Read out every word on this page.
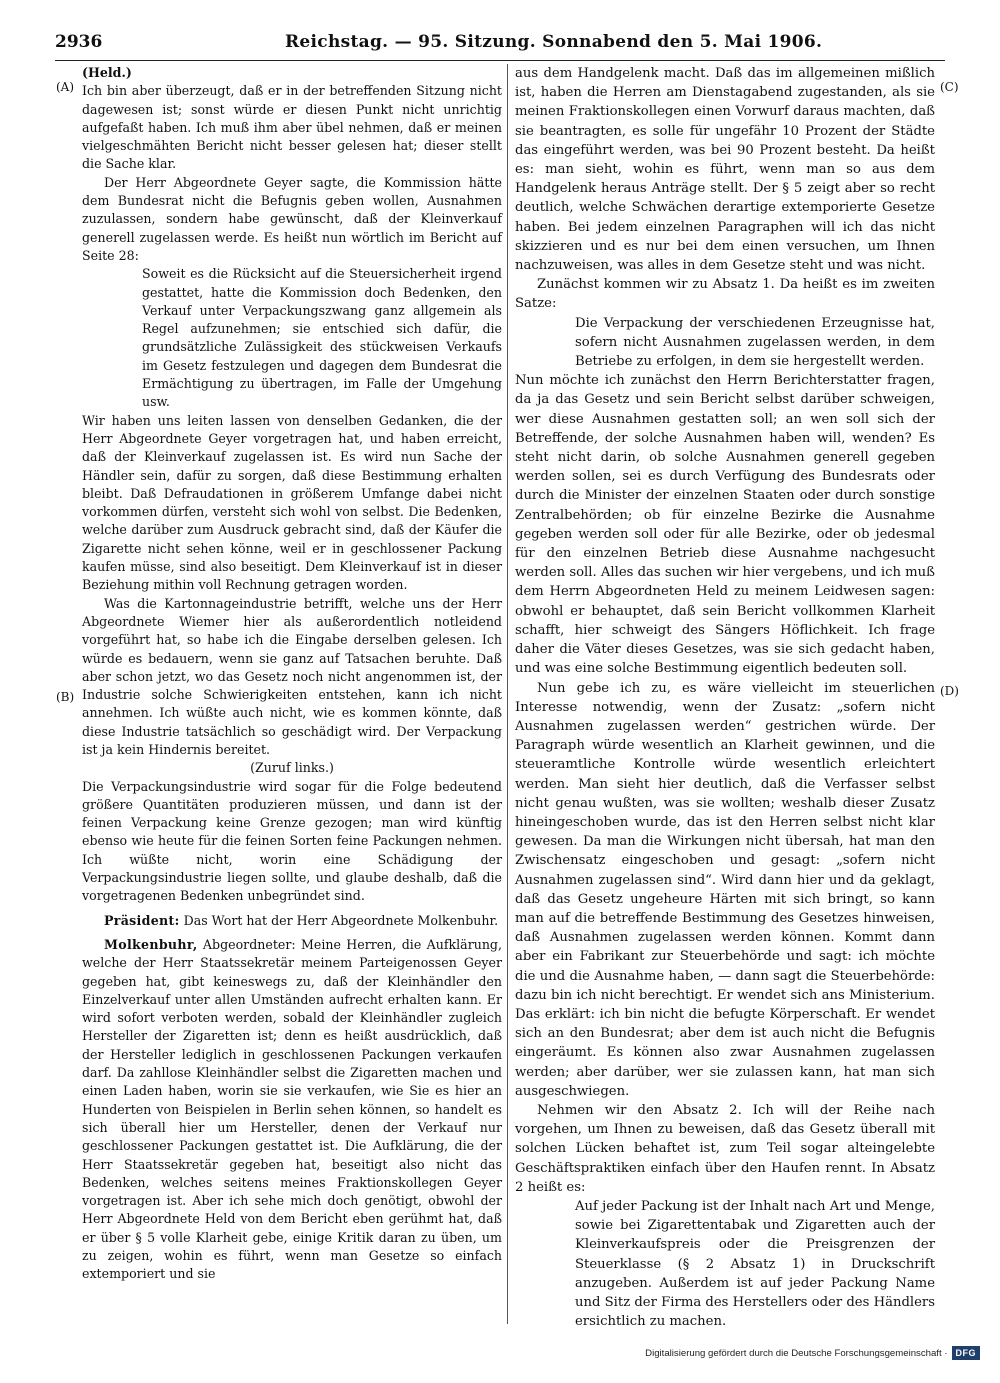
2936	Reichstag. — 95. Sitzung. Sonnabend den 5. Mai 1906.
(A)
(B)
(C)
(D)

(Held.)

Ich bin aber überzeugt, daß er in der betreffenden Sitzung nicht dagewesen ist; sonst würde er diesen Punkt nicht unrichtig aufgefaßt haben. Ich muß ihm aber übel nehmen, daß er meinen vielgeschmähten Bericht nicht besser gelesen hat; dieser stellt die Sache klar.

Der Herr Abgeordnete Geyer sagte, die Kommission hätte dem Bundesrat nicht die Befugnis geben wollen, Ausnahmen zuzulassen, sondern habe gewünscht, daß der Kleinverkauf generell zugelassen werde. Es heißt nun wörtlich im Bericht auf Seite 28:

Soweit es die Rücksicht auf die Steuersicherheit irgend gestattet, hatte die Kommission doch Bedenken, den Verkauf unter Verpackungszwang ganz allgemein als Regel aufzunehmen; sie entschied sich dafür, die grundsätzliche Zulässigkeit des stückweisen Verkaufs im Gesetz festzulegen und dagegen dem Bundesrat die Ermächtigung zu übertragen, im Falle der Umgehung usw.

Wir haben uns leiten lassen von denselben Gedanken, die der Herr Abgeordnete Geyer vorgetragen hat, und haben erreicht, daß der Kleinverkauf zugelassen ist. Es wird nun Sache der Händler sein, dafür zu sorgen, daß diese Bestimmung erhalten bleibt. Daß Defraudationen in größerem Umfange dabei nicht vorkommen dürfen, versteht sich wohl von selbst. Die Bedenken, welche darüber zum Ausdruck gebracht sind, daß der Käufer die Zigarette nicht sehen könne, weil er in geschlossener Packung kaufen müsse, sind also beseitigt. Dem Kleinverkauf ist in dieser Beziehung mithin voll Rechnung getragen worden.

Was die Kartonnageindustrie betrifft, welche uns der Herr Abgeordnete Wiemer hier als außerordentlich notleidend vorgeführt hat, so habe ich die Eingabe derselben gelesen. Ich würde es bedauern, wenn sie ganz auf Tatsachen beruhte. Daß aber schon jetzt, wo das Gesetz noch nicht angenommen ist, der Industrie solche Schwierigkeiten entstehen, kann ich nicht annehmen. Ich wüßte auch nicht, wie es kommen könnte, daß diese Industrie tatsächlich so geschädigt wird. Der Verpackung ist ja kein Hindernis bereitet.

(Zuruf links.)

Die Verpackungsindustrie wird sogar für die Folge bedeutend größere Quantitäten produzieren müssen, und dann ist der feinen Verpackung keine Grenze gezogen; man wird künftig ebenso wie heute für die feinen Sorten feine Packungen nehmen. Ich wüßte nicht, worin eine Schädigung der Verpackungsindustrie liegen sollte, und glaube deshalb, daß die vorgetragenen Bedenken unbegründet sind.

Präsident: Das Wort hat der Herr Abgeordnete Molkenbuhr.

Molkenbuhr, Abgeordneter: Meine Herren, die Aufklärung, welche der Herr Staatssekretär meinem Parteigenossen Geyer gegeben hat, gibt keineswegs zu, daß der Kleinhändler den Einzelverkauf unter allen Umständen aufrecht erhalten kann. Er wird sofort verboten werden, sobald der Kleinhändler zugleich Hersteller der Zigaretten ist; denn es heißt ausdrücklich, daß der Hersteller lediglich in geschlossenen Packungen verkaufen darf. Da zahllose Kleinhändler selbst die Zigaretten machen und einen Laden haben, worin sie sie verkaufen, wie Sie es hier an Hunderten von Beispielen in Berlin sehen können, so handelt es sich überall hier um Hersteller, denen der Verkauf nur geschlossener Packungen gestattet ist. Die Aufklärung, die der Herr Staatssekretär gegeben hat, beseitigt also nicht das Bedenken, welches seitens meines Fraktionskollegen Geyer vorgetragen ist. Aber ich sehe mich doch genötigt, obwohl der Herr Abgeordnete Held von dem Bericht eben gerühmt hat, daß er über § 5 volle Klarheit gebe, einige Kritik daran zu üben, um zu zeigen, wohin es führt, wenn man Gesetze so einfach extemporiert und sie

aus dem Handgelenk macht. Daß das im allgemeinen mißlich ist, haben die Herren am Dienstagabend zugestanden, als sie meinen Fraktionskollegen einen Vorwurf daraus machten, daß sie beantragten, es solle für ungefähr 10 Prozent der Städte das eingeführt werden, was bei 90 Prozent besteht. Da heißt es: man sieht, wohin es führt, wenn man so aus dem Handgelenk heraus Anträge stellt. Der § 5 zeigt aber so recht deutlich, welche Schwächen derartige extemporierte Gesetze haben. Bei jedem einzelnen Paragraphen will ich das nicht skizzieren und es nur bei dem einen versuchen, um Ihnen nachzuweisen, was alles in dem Gesetze steht und was nicht.

Zunächst kommen wir zu Absatz 1. Da heißt es im zweiten Satze:

Die Verpackung der verschiedenen Erzeugnisse hat, sofern nicht Ausnahmen zugelassen werden, in dem Betriebe zu erfolgen, in dem sie hergestellt werden.

Nun möchte ich zunächst den Herrn Berichterstatter fragen, da ja das Gesetz und sein Bericht selbst darüber schweigen, wer diese Ausnahmen gestatten soll; an wen soll sich der Betreffende, der solche Ausnahmen haben will, wenden? Es steht nicht darin, ob solche Ausnahmen generell gegeben werden sollen, sei es durch Verfügung des Bundesrats oder durch die Minister der einzelnen Staaten oder durch sonstige Zentralbehörden; ob für einzelne Bezirke die Ausnahme gegeben werden soll oder für alle Bezirke, oder ob jedesmal für den einzelnen Betrieb diese Ausnahme nachgesucht werden soll. Alles das suchen wir hier vergebens, und ich muß dem Herrn Abgeordneten Held zu meinem Leidwesen sagen: obwohl er behauptet, daß sein Bericht vollkommen Klarheit schafft, hier schweigt des Sängers Höflichkeit. Ich frage daher die Väter dieses Gesetzes, was sie sich gedacht haben, und was eine solche Bestimmung eigentlich bedeuten soll.

Nun gebe ich zu, es wäre vielleicht im steuerlichen Interesse notwendig, wenn der Zusatz: „sofern nicht Ausnahmen zugelassen werden“ gestrichen würde. Der Paragraph würde wesentlich an Klarheit gewinnen, und die steueramtliche Kontrolle würde wesentlich erleichtert werden. Man sieht hier deutlich, daß die Verfasser selbst nicht genau wußten, was sie wollten; weshalb dieser Zusatz hineingeschoben wurde, das ist den Herren selbst nicht klar gewesen. Da man die Wirkungen nicht übersah, hat man den Zwischensatz eingeschoben und gesagt: „sofern nicht Ausnahmen zugelassen sind“. Wird dann hier und da geklagt, daß das Gesetz ungeheure Härten mit sich bringt, so kann man auf die betreffende Bestimmung des Gesetzes hinweisen, daß Ausnahmen zugelassen werden können. Kommt dann aber ein Fabrikant zur Steuerbehörde und sagt: ich möchte die und die Ausnahme haben, — dann sagt die Steuerbehörde: dazu bin ich nicht berechtigt. Er wendet sich ans Ministerium. Das erklärt: ich bin nicht die befugte Körperschaft. Er wendet sich an den Bundesrat; aber dem ist auch nicht die Befugnis eingeräumt. Es können also zwar Ausnahmen zugelassen werden; aber darüber, wer sie zulassen kann, hat man sich ausgeschwiegen.

Nehmen wir den Absatz 2. Ich will der Reihe nach vorgehen, um Ihnen zu beweisen, daß das Gesetz überall mit solchen Lücken behaftet ist, zum Teil sogar alteingelebte Geschäftspraktiken einfach über den Haufen rennt. In Absatz 2 heißt es:

Auf jeder Packung ist der Inhalt nach Art und Menge, sowie bei Zigarettentabak und Zigaretten auch der Kleinverkaufspreis oder die Preisgrenzen der Steuerklasse (§ 2 Absatz 1) in Druckschrift anzugeben. Außerdem ist auf jeder Packung Name und Sitz der Firma des Herstellers oder des Händlers ersichtlich zu machen.

Digitalisierung gefördert durch die Deutsche Forschungsgemeinschaft · DFG
